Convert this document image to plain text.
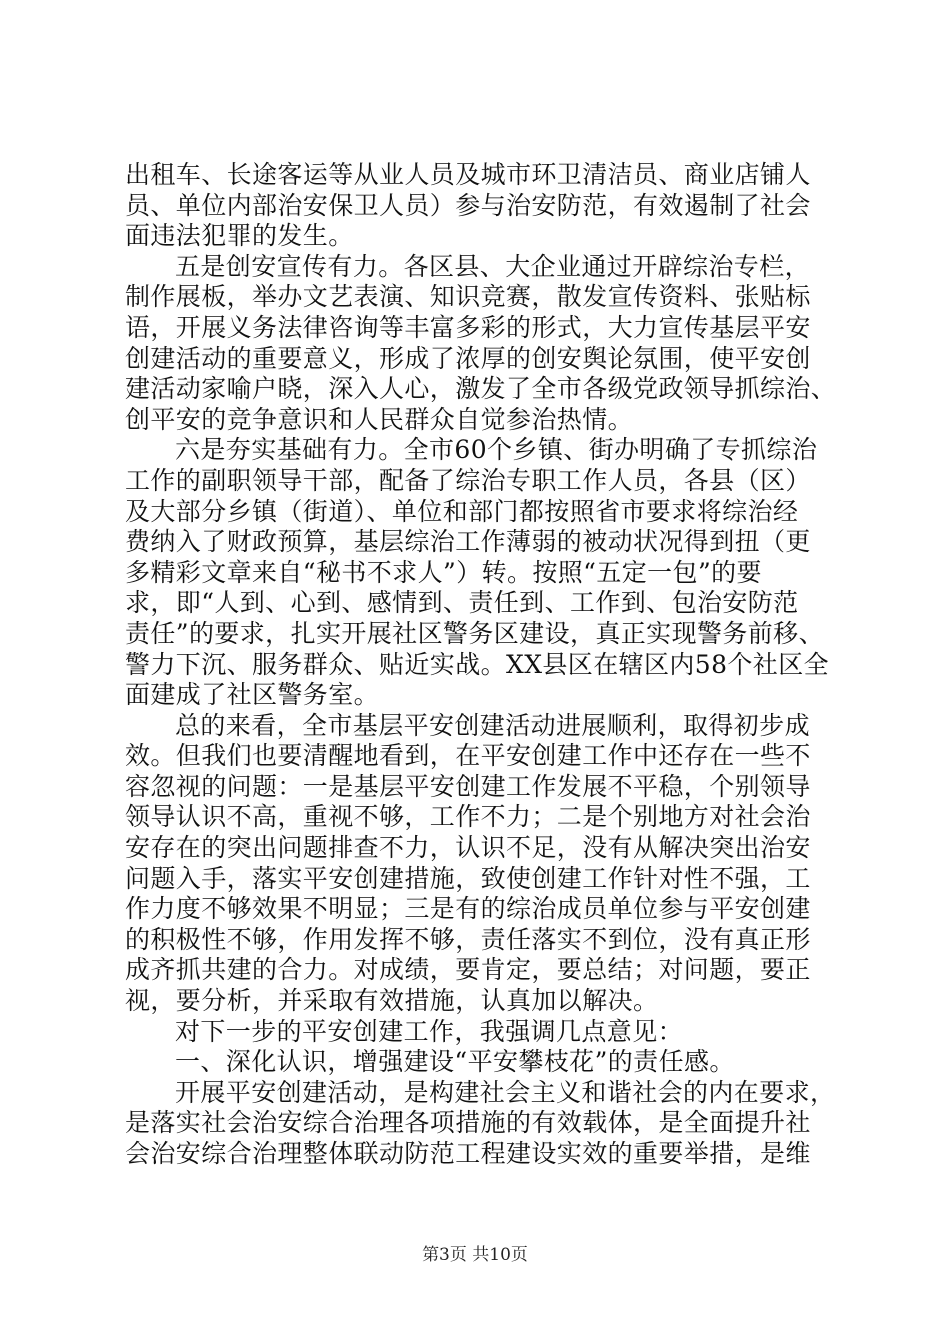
出租车、长途客运等从业人员及城市环卫清洁员、商业店铺人
员、单位内部治安保卫人员）参与治安防范，有效遏制了社会
面违法犯罪的发生。
五是创安宣传有力。各区县、大企业通过开辟综治专栏，
制作展板，举办文艺表演、知识竞赛，散发宣传资料、张贴标
语，开展义务法律咨询等丰富多彩的形式，大力宣传基层平安
创建活动的重要意义，形成了浓厚的创安舆论氛围，使平安创
建活动家喻户晓，深入人心，激发了全市各级党政领导抓综治、
创平安的竞争意识和人民群众自觉参治热情。
六是夯实基础有力。全市60个乡镇、街办明确了专抓综治
工作的副职领导干部，配备了综治专职工作人员，各县（区）
及大部分乡镇（街道）、单位和部门都按照省市要求将综治经
费纳入了财政预算，基层综治工作薄弱的被动状况得到扭（更
多精彩文章来自“秘书不求人”）转。按照“五定一包”的要
求，即“人到、心到、感情到、责任到、工作到、包治安防范
责任”的要求，扎实开展社区警务区建设，真正实现警务前移、
警力下沉、服务群众、贴近实战。XX县区在辖区内58个社区全
面建成了社区警务室。
总的来看，全市基层平安创建活动进展顺利，取得初步成
效。但我们也要清醒地看到，在平安创建工作中还存在一些不
容忽视的问题：一是基层平安创建工作发展不平稳，个别领导
领导认识不高，重视不够，工作不力；二是个别地方对社会治
安存在的突出问题排查不力，认识不足，没有从解决突出治安
问题入手，落实平安创建措施，致使创建工作针对性不强，工
作力度不够效果不明显；三是有的综治成员单位参与平安创建
的积极性不够，作用发挥不够，责任落实不到位，没有真正形
成齐抓共建的合力。对成绩，要肯定，要总结；对问题，要正
视，要分析，并采取有效措施，认真加以解决。
对下一步的平安创建工作，我强调几点意见：
一、深化认识，增强建设“平安攀枝花”的责任感。
开展平安创建活动，是构建社会主义和谐社会的内在要求，
是落实社会治安综合治理各项措施的有效载体，是全面提升社
会治安综合治理整体联动防范工程建设实效的重要举措，是维
第3页 共10页
